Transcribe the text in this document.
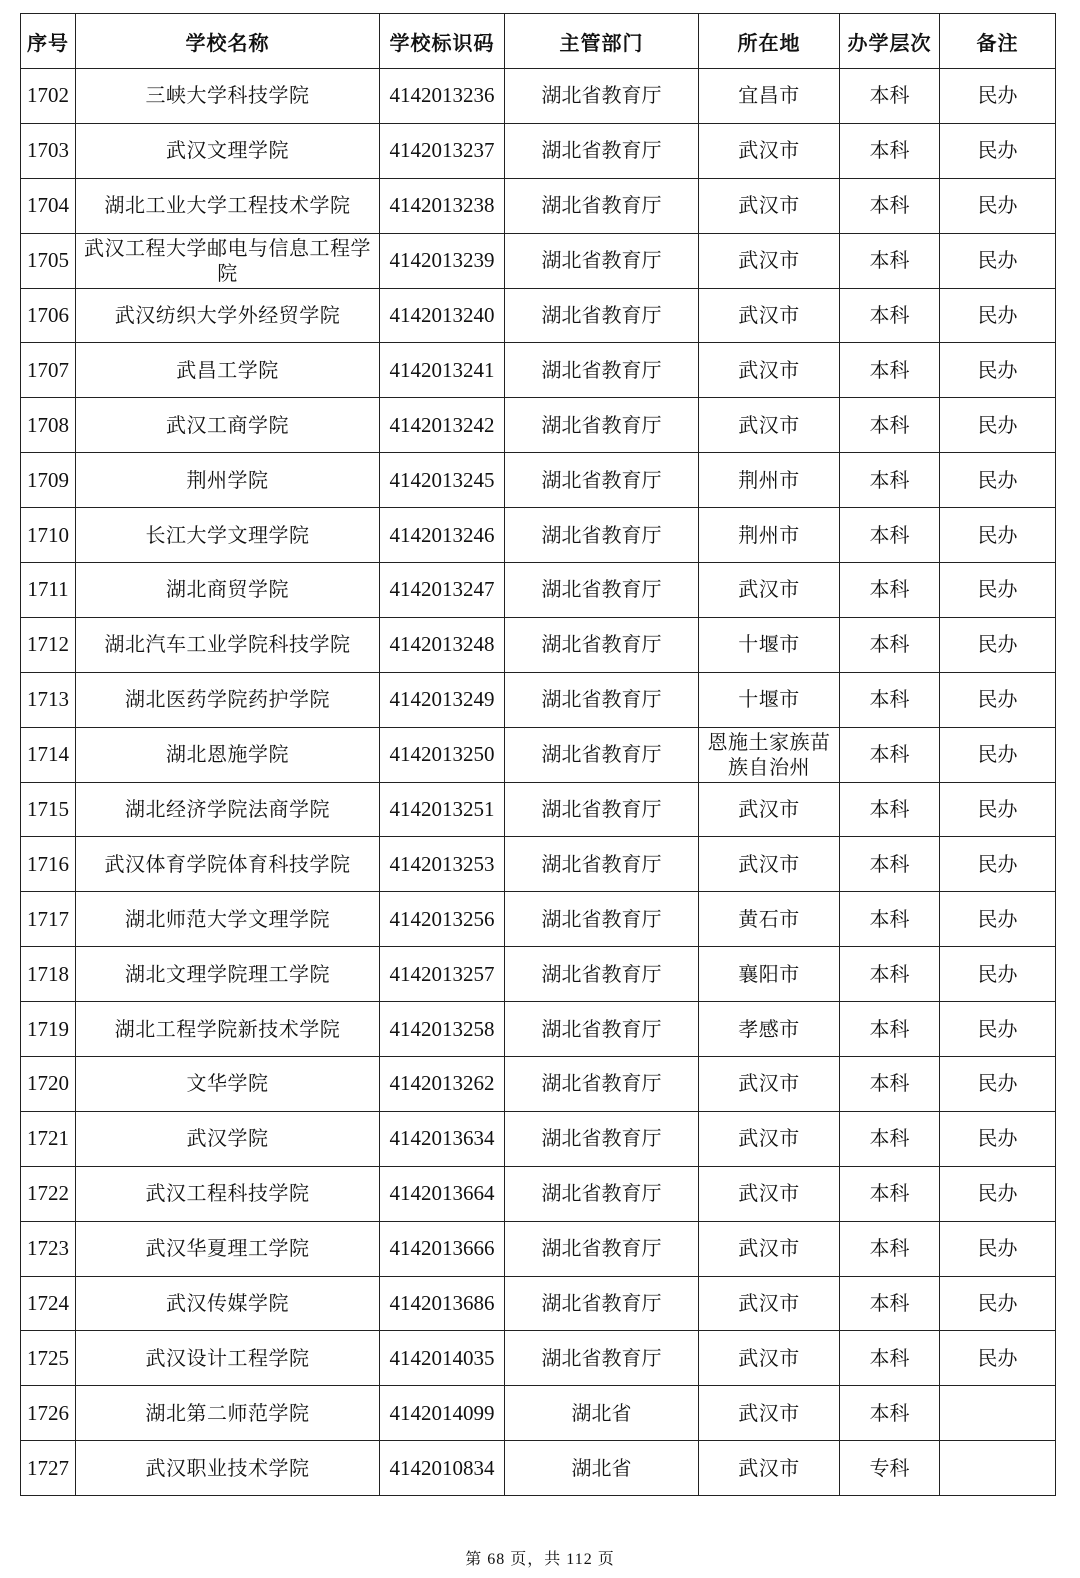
序号	学校名称	学校标识码	主管部门	所在地	办学层次	备注
1702	三峡大学科技学院	4142013236	湖北省教育厅	宜昌市	本科	民办
1703	武汉文理学院	4142013237	湖北省教育厅	武汉市	本科	民办
1704	湖北工业大学工程技术学院	4142013238	湖北省教育厅	武汉市	本科	民办
1705	武汉工程大学邮电与信息工程学院	4142013239	湖北省教育厅	武汉市	本科	民办
1706	武汉纺织大学外经贸学院	4142013240	湖北省教育厅	武汉市	本科	民办
1707	武昌工学院	4142013241	湖北省教育厅	武汉市	本科	民办
1708	武汉工商学院	4142013242	湖北省教育厅	武汉市	本科	民办
1709	荆州学院	4142013245	湖北省教育厅	荆州市	本科	民办
1710	长江大学文理学院	4142013246	湖北省教育厅	荆州市	本科	民办
1711	湖北商贸学院	4142013247	湖北省教育厅	武汉市	本科	民办
1712	湖北汽车工业学院科技学院	4142013248	湖北省教育厅	十堰市	本科	民办
1713	湖北医药学院药护学院	4142013249	湖北省教育厅	十堰市	本科	民办
1714	湖北恩施学院	4142013250	湖北省教育厅	恩施土家族苗族自治州	本科	民办
1715	湖北经济学院法商学院	4142013251	湖北省教育厅	武汉市	本科	民办
1716	武汉体育学院体育科技学院	4142013253	湖北省教育厅	武汉市	本科	民办
1717	湖北师范大学文理学院	4142013256	湖北省教育厅	黄石市	本科	民办
1718	湖北文理学院理工学院	4142013257	湖北省教育厅	襄阳市	本科	民办
1719	湖北工程学院新技术学院	4142013258	湖北省教育厅	孝感市	本科	民办
1720	文华学院	4142013262	湖北省教育厅	武汉市	本科	民办
1721	武汉学院	4142013634	湖北省教育厅	武汉市	本科	民办
1722	武汉工程科技学院	4142013664	湖北省教育厅	武汉市	本科	民办
1723	武汉华夏理工学院	4142013666	湖北省教育厅	武汉市	本科	民办
1724	武汉传媒学院	4142013686	湖北省教育厅	武汉市	本科	民办
1725	武汉设计工程学院	4142014035	湖北省教育厅	武汉市	本科	民办
1726	湖北第二师范学院	4142014099	湖北省	武汉市	本科	
1727	武汉职业技术学院	4142010834	湖北省	武汉市	专科	
第 68 页，共 112 页
